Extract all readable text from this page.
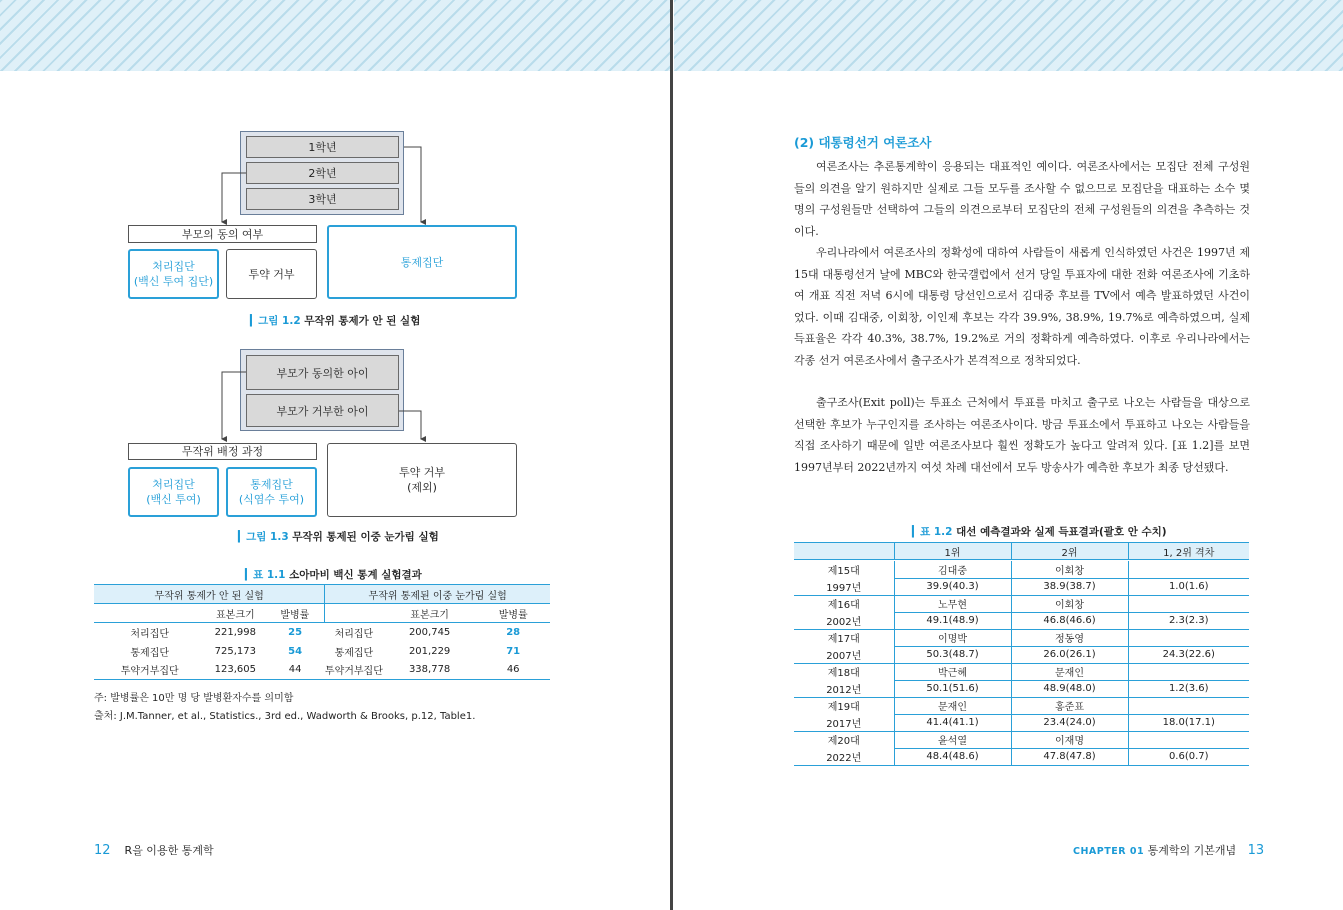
1학년
2학년
3학년
부모의 동의 여부
처리집단
(백신 투여 집단)
투약 거부
통제집단
▎그림 1.2 무작위 통제가 안 된 실험
부모가 동의한 아이
부모가 거부한 아이
무작위 배정 과정
처리집단
(백신 투여)
통제집단
(식염수 투여)
투약 거부
(제외)
▎그림 1.3 무작위 통제된 이중 눈가림 실험
▎표 1.1 소아마비 백신 통계 실험결과
무작위 통제가 안 된 실험				무작위 통제된 이중 눈가림 실험		
		표본크기	발병률		표본크기	발병률
처리집단		221,998	25	처리집단	200,745	28
통제집단		725,173	54	통제집단	201,229	71
투약거부집단		123,605	44	투약거부집단	338,778	46
주: 발병률은 10만 명 당 발병환자수를 의미함
출처: J.M.Tanner, et al., Statistics., 3rd ed., Wadworth & Brooks, p.12, Table1.
12 R을 이용한 통계학
(2) 대통령선거 여론조사

여론조사는 추론통계학이 응용되는 대표적인 예이다. 여론조사에서는 모집단 전체 구성원들의 의견을 알기 원하지만 실제로 그들 모두를 조사할 수 없으므로 모집단을 대표하는 소수 몇 명의 구성원들만 선택하여 그들의 의견으로부터 모집단의 전체 구성원들의 의견을 추측하는 것이다.

우리나라에서 여론조사의 정확성에 대하여 사람들이 새롭게 인식하였던 사건은 1997년 제15대 대통령선거 날에 MBC와 한국갤럽에서 선거 당일 투표자에 대한 전화 여론조사에 기초하여 개표 직전 저녁 6시에 대통령 당선인으로서 김대중 후보를 TV에서 예측 발표하였던 사건이었다. 이때 김대중, 이회창, 이인제 후보는 각각 39.9%, 38.9%, 19.7%로 예측하였으며, 실제 득표율은 각각 40.3%, 38.7%, 19.2%로 거의 정확하게 예측하였다. 이후로 우리나라에서는 각종 선거 여론조사에서 출구조사가 본격적으로 정착되었다.

출구조사(Exit poll)는 투표소 근처에서 투표를 마치고 출구로 나오는 사람들을 대상으로 선택한 후보가 누구인지를 조사하는 여론조사이다. 방금 투표소에서 투표하고 나오는 사람들을 직접 조사하기 때문에 일반 여론조사보다 훨씬 정확도가 높다고 알려져 있다. [표 1.2]를 보면 1997년부터 2022년까지 여섯 차례 대선에서 모두 방송사가 예측한 후보가 최종 당선됐다.

▎표 1.2 대선 예측결과와 실제 득표결과(괄호 안 수치)
	1위	2위	1, 2위 격차
제15대	김대중	이회창	
1997년	39.9(40.3)	38.9(38.7)	1.0(1.6)
제16대	노무현	이회창	
2002년	49.1(48.9)	46.8(46.6)	2.3(2.3)
제17대	이명박	정동영	
2007년	50.3(48.7)	26.0(26.1)	24.3(22.6)
제18대	박근혜	문재인	
2012년	50.1(51.6)	48.9(48.0)	1.2(3.6)
제19대	문재인	홍준표	
2017년	41.4(41.1)	23.4(24.0)	18.0(17.1)
제20대	윤석열	이재명	
2022년	48.4(48.6)	47.8(47.8)	0.6(0.7)
CHAPTER 01 통계학의 기본개념 13
